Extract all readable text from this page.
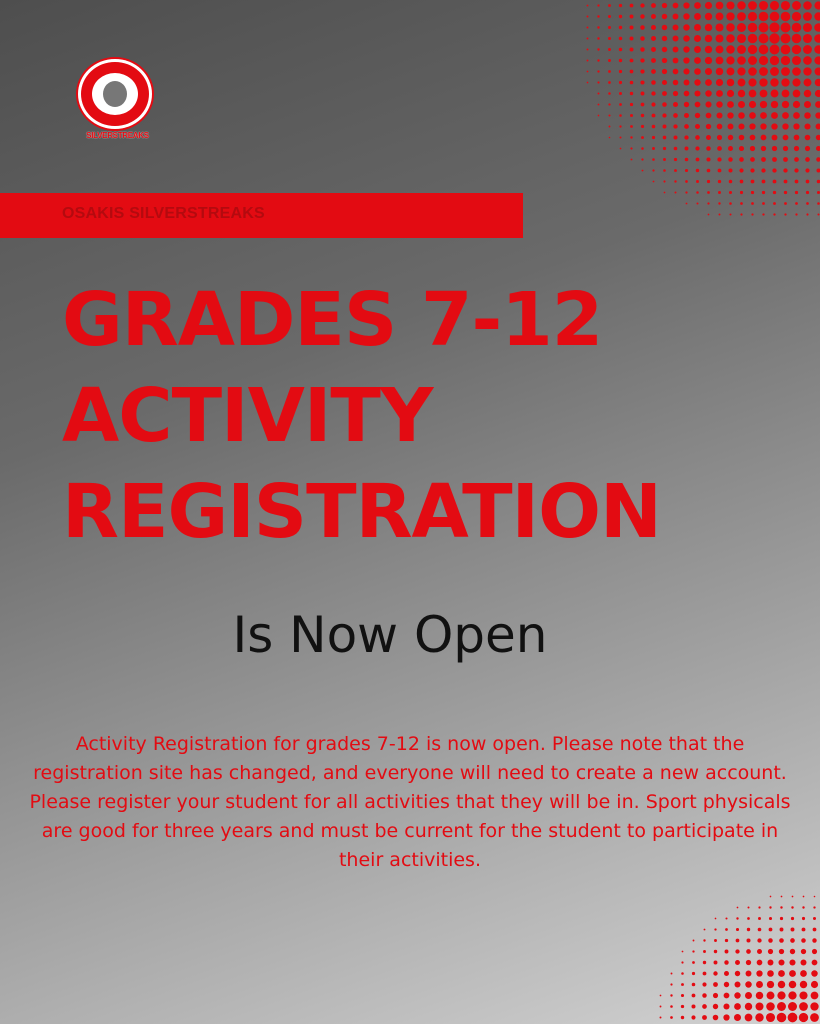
SILVERSTREAKS
OSAKIS SILVERSTREAKS
GRADES 7-12
ACTIVITY
REGISTRATION
Is Now Open

Activity Registration for grades 7-12 is now open. Please note that the registration site has changed, and everyone will need to create a new account.

Please register your student for all activities that they will be in. Sport physicals are good for three years and must be current for the student to participate in their activities.
